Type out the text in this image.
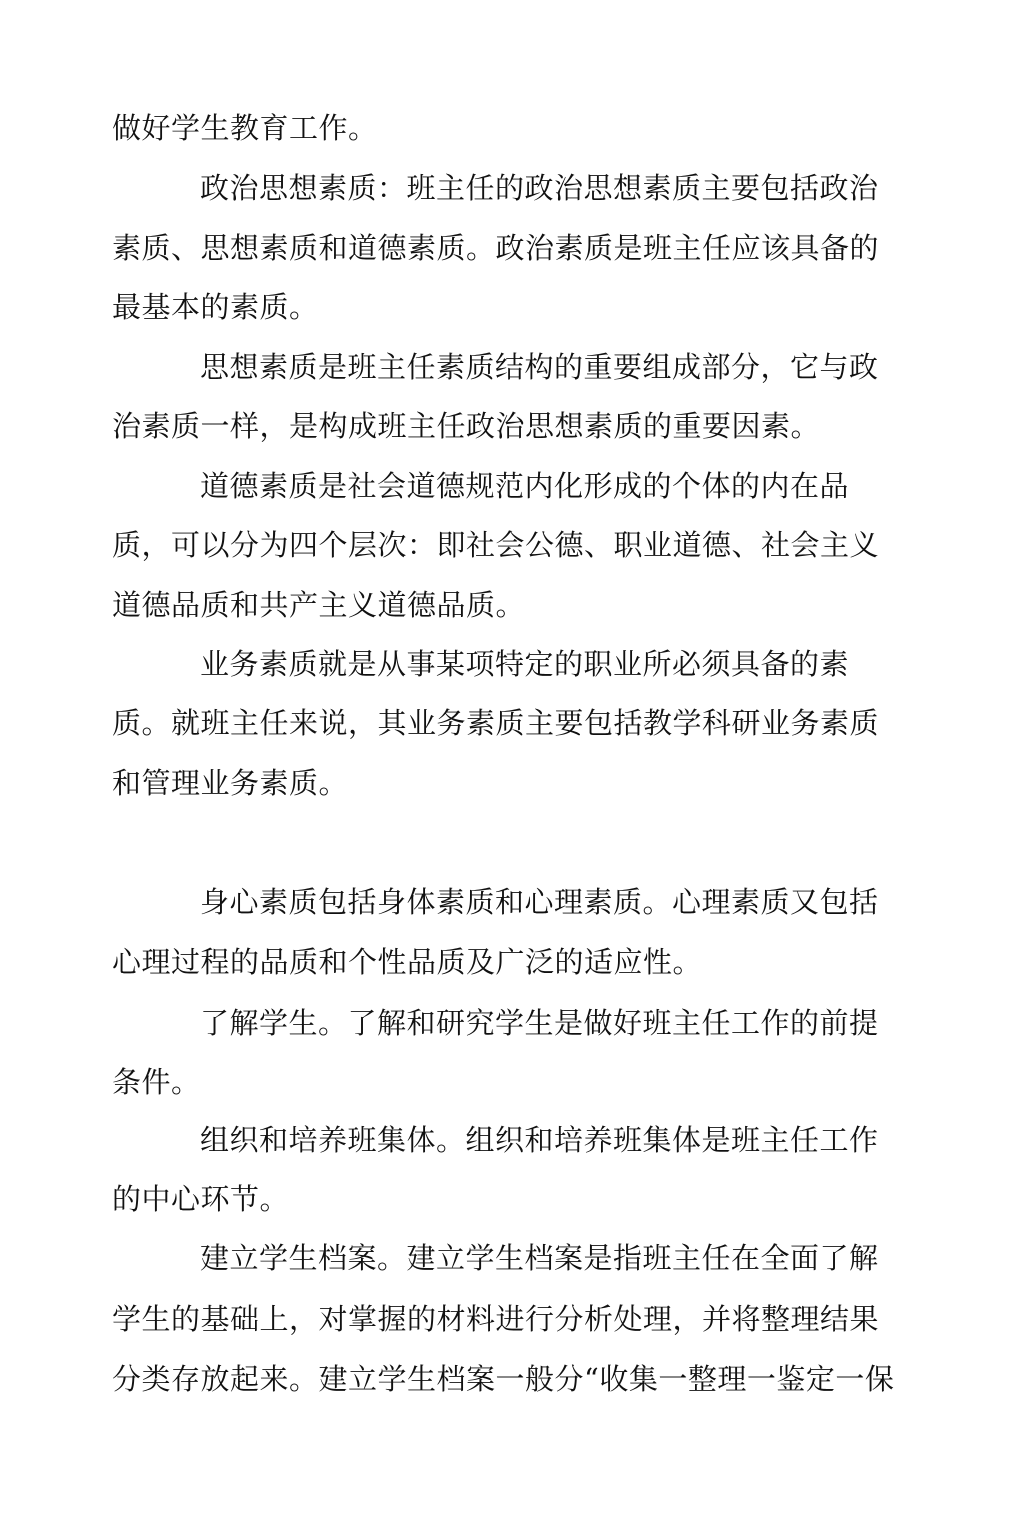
做好学生教育工作。
政治思想素质：班主任的政治思想素质主要包括政治
素质、思想素质和道德素质。政治素质是班主任应该具备的
最基本的素质。
思想素质是班主任素质结构的重要组成部分，它与政
治素质一样，是构成班主任政治思想素质的重要因素。
道德素质是社会道德规范内化形成的个体的内在品
质，可以分为四个层次：即社会公德、职业道德、社会主义
道德品质和共产主义道德品质。
业务素质就是从事某项特定的职业所必须具备的素
质。就班主任来说，其业务素质主要包括教学科研业务素质
和管理业务素质。
身心素质包括身体素质和心理素质。心理素质又包括
心理过程的品质和个性品质及广泛的适应性。
了解学生。了解和研究学生是做好班主任工作的前提
条件。
组织和培养班集体。组织和培养班集体是班主任工作
的中心环节。
建立学生档案。建立学生档案是指班主任在全面了解
学生的基础上，对掌握的材料进行分析处理，并将整理结果
分类存放起来。建立学生档案一般分“收集一整理一鉴定一保
